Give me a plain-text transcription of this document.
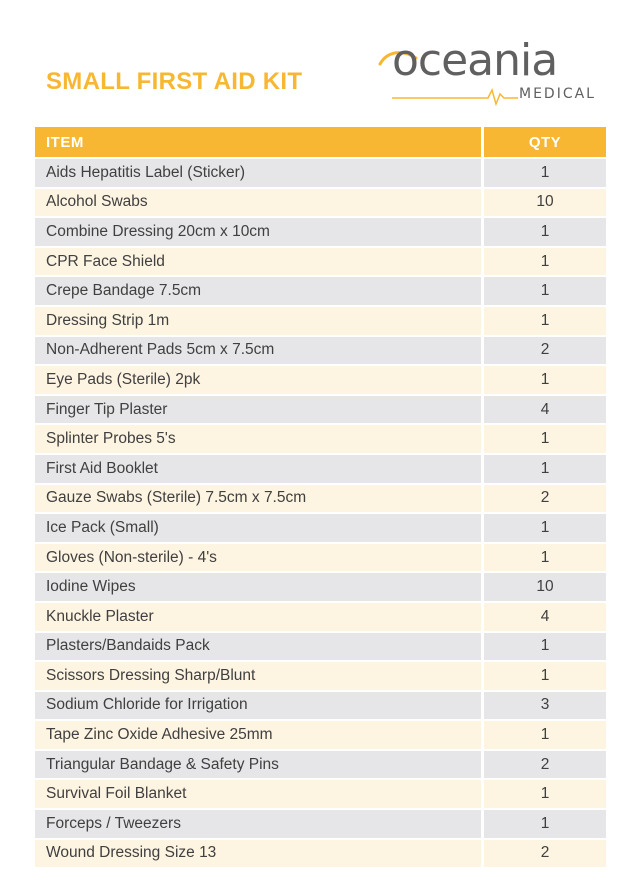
SMALL FIRST AID KIT oceania
MEDICAL
ITEM	QTY
Aids Hepatitis Label (Sticker)	1
Alcohol Swabs	10
Combine Dressing 20cm x 10cm	1
CPR Face Shield	1
Crepe Bandage 7.5cm	1
Dressing Strip 1m	1
Non-Adherent Pads 5cm x 7.5cm	2
Eye Pads (Sterile) 2pk	1
Finger Tip Plaster	4
Splinter Probes 5's	1
First Aid Booklet	1
Gauze Swabs (Sterile) 7.5cm x 7.5cm	2
Ice Pack (Small)	1
Gloves (Non-sterile) - 4's	1
Iodine Wipes	10
Knuckle Plaster	4
Plasters/Bandaids Pack	1
Scissors Dressing Sharp/Blunt	1
Sodium Chloride for Irrigation	3
Tape Zinc Oxide Adhesive 25mm	1
Triangular Bandage & Safety Pins	2
Survival Foil Blanket	1
Forceps / Tweezers	1
Wound Dressing Size 13	2
